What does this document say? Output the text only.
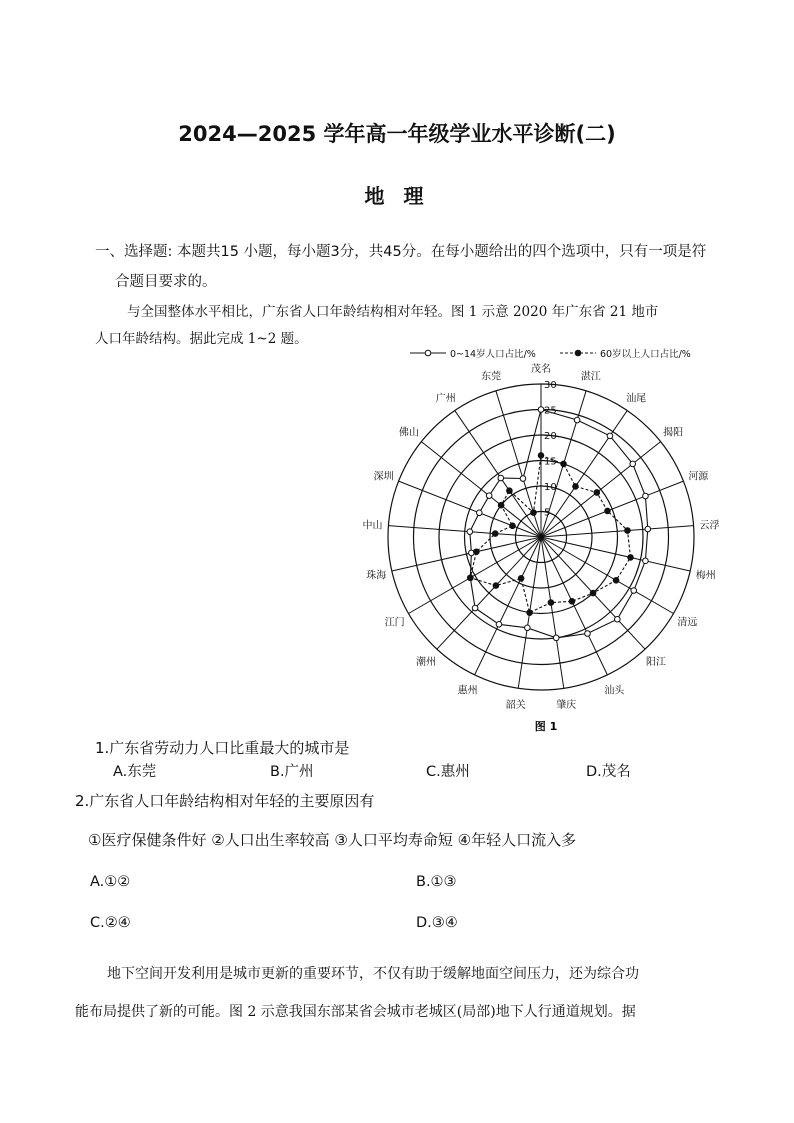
2024—2025 学年高一年级学业水平诊断(二)
地 理
一、选择题: 本题共15 小题，每小题3分，共45分。在每小题给出的四个选项中，只有一项是符
合题目要求的。
与全国整体水平相比，广东省人口年龄结构相对年轻。图 1 示意 2020 年广东省 21 地市
人口年龄结构。据此完成 1~2 题。
5
10
15
20
25
30
茂名
湛江
汕尾
揭阳
河源
云浮
梅州
清远
阳江
汕头
肇庆
韶关
惠州
潮州
江门
珠海
中山
深圳
佛山
广州
东莞
0~14岁人口占比/%	60岁以上人口占比/%
图 1
1.广东省劳动力人口比重最大的城市是
A.东莞	B.广州	C.惠州	D.茂名
2.广东省人口年龄结构相对年轻的主要原因有
①医疗保健条件好 ②人口出生率较高 ③人口平均寿命短 ④年轻人口流入多
A.①②	B.①③
C.②④	D.③④
地下空间开发利用是城市更新的重要环节，不仅有助于缓解地面空间压力，还为综合功
能布局提供了新的可能。图 2 示意我国东部某省会城市老城区(局部)地下人行通道规划。据
